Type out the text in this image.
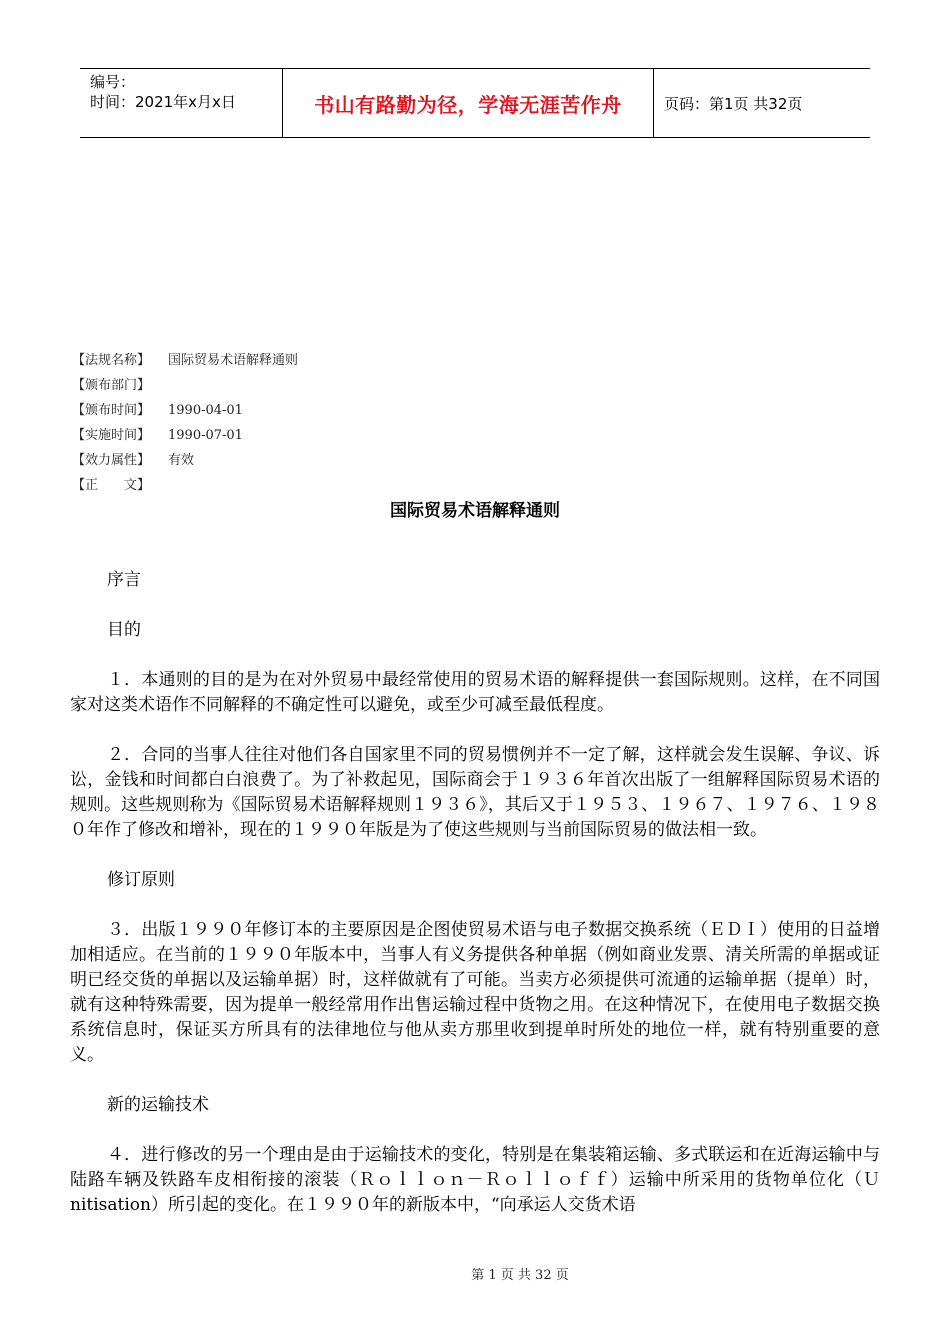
编号：
时间：2021年x月x日	书山有路勤为径，学海无涯苦作舟	页码：第1页 共32页
【法规名称】 国际贸易术语解释通则
【颁布部门】
【颁布时间】 1990-04-01
【实施时间】 1990-07-01
【效力属性】 有效
【正　　文】
国际贸易术语解释通则

序言

目的

１．本通则的目的是为在对外贸易中最经常使用的贸易术语的解释提供一套国际规则。这样，在不同国家对这类术语作不同解释的不确定性可以避免，或至少可减至最低程度。

２．合同的当事人往往对他们各自国家里不同的贸易惯例并不一定了解，这样就会发生误解、争议、诉讼，金钱和时间都白白浪费了。为了补救起见，国际商会于１９３６年首次出版了一组解释国际贸易术语的规则。这些规则称为《国际贸易术语解释规则１９３６》，其后又于１９５３、１９６７、１９７６、１９８０年作了修改和增补，现在的１９９０年版是为了使这些规则与当前国际贸易的做法相一致。

修订原则

３．出版１９９０年修订本的主要原因是企图使贸易术语与电子数据交换系统（ＥＤＩ）使用的日益增加相适应。在当前的１９９０年版本中，当事人有义务提供各种单据（例如商业发票、清关所需的单据或证明已经交货的单据以及运输单据）时，这样做就有了可能。当卖方必须提供可流通的运输单据（提单）时，就有这种特殊需要，因为提单一般经常用作出售运输过程中货物之用。在这种情况下，在使用电子数据交换系统信息时，保证买方所具有的法律地位与他从卖方那里收到提单时所处的地位一样，就有特别重要的意义。

新的运输技术

４．进行修改的另一个理由是由于运输技术的变化，特别是在集装箱运输、多式联运和在近海运输中与陆路车辆及铁路车皮相衔接的滚装（Ｒｏｌｌｏｎ－Ｒｏｌｌｏｆｆ）运输中所采用的货物单位化（Ｕnitisation）所引起的变化。在１９９０年的新版本中，“向承运人交货术语

第 1 页 共 32 页
